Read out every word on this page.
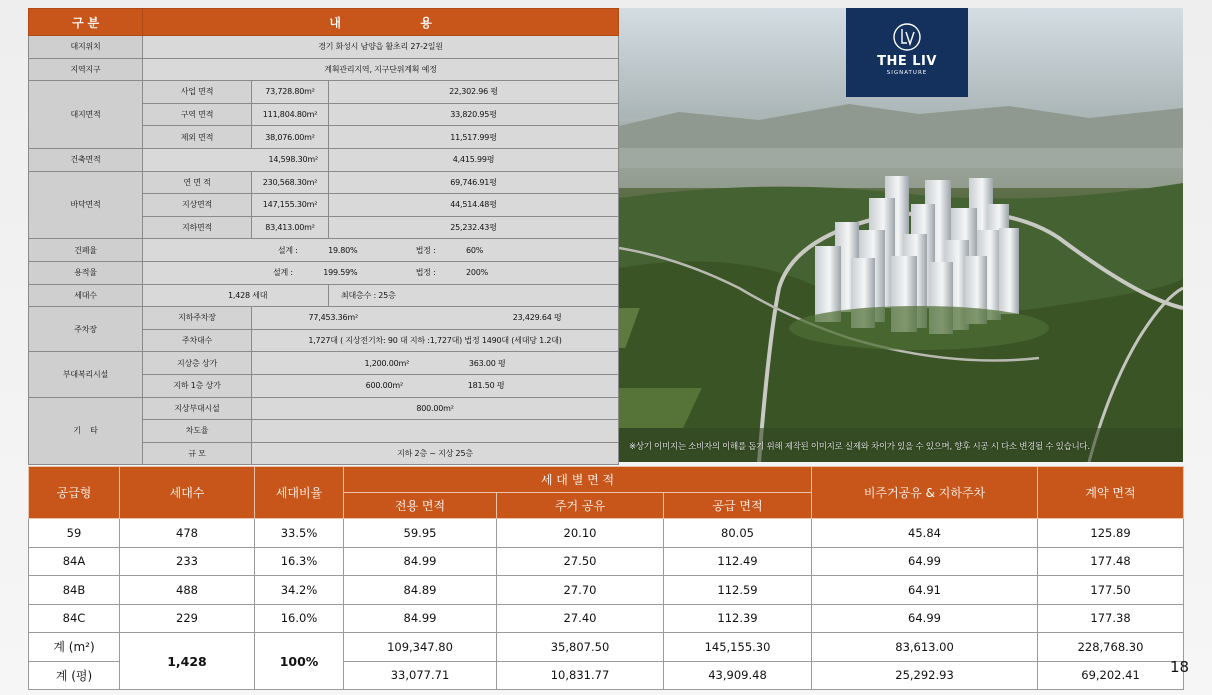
구 분	내                    용		
대지위치	경기 화성시 남양읍 활초리 27-2일원		
지역지구	계획관리지역, 지구단위계획 예정		
대지면적	사업 면적	73,728.80m²	22,302.96 평
	구역 면적	111,804.80m²	33,820.95평
	제외 면적	38,076.00m²	11,517.99평
건축면적	14,598.30m²		4,415.99평
바닥면적	연 면 적	230,568.30m²	69,746.91평
	지상면적	147,155.30m²	44,514.48평
	지하면적	83,413.00m²	25,232.43평
건폐율	설계 : 19.80% 법정 : 60%		
용적율	설계 : 199.59% 법정 : 200%		
세대수	1,428 세대		최대층수 : 25층
주차장	지하주차장	77,453.36m² 23,429.64 평	
	주차대수	1,727대 ( 지상전기차: 90 대 지하 :1,727대) 법정 1490대 (세대당 1.2대)	
부대복리시설	지상층 상가	1,200.00m² 363.00 평	
	지하 1층 상가	600.00m² 181.50 평	
기    타	지상부대시설	800.00m²	
	차도율		
	규 모	지하 2층 ~ 지상 25층	
THE LIV
SIGNATURE
※상기 이미지는 소비자의 이해를 돕기 위해 제작된 이미지로 실제와 차이가 있을 수 있으며, 향후 시공 시 다소 변경될 수 있습니다.
공급형	세대수	세대비율	세 대 별 면 적			비주거공유 & 지하주차	계약 면적
			전용 면적	주거 공유	공급 면적		
59	478	33.5%	59.95	20.10	80.05	45.84	125.89
84A	233	16.3%	84.99	27.50	112.49	64.99	177.48
84B	488	34.2%	84.89	27.70	112.59	64.91	177.50
84C	229	16.0%	84.99	27.40	112.39	64.99	177.38
계 (m²)	1,428	100%	109,347.80	35,807.50	145,155.30	83,613.00	228,768.30
계 (평)			33,077.71	10,831.77	43,909.48	25,292.93	69,202.41 18
